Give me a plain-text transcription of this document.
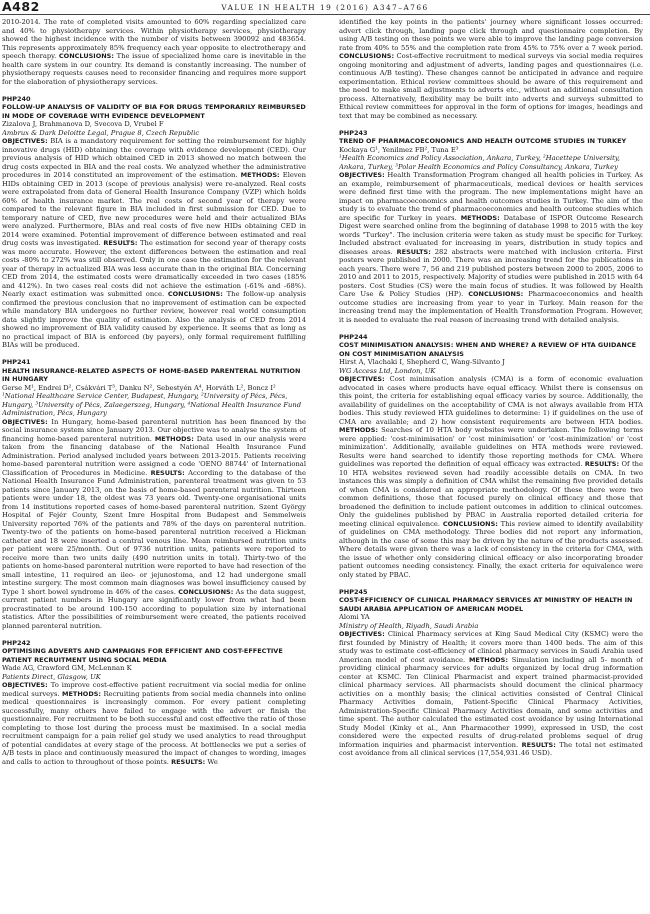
A482	VALUE IN HEALTH 19 (2016) A347–A766

2010-2014. The rate of completed visits amounted to 60% regarding specialized care and 40% to physiotherapy services. Within physiotherapy services, physiotherapy showed the highest incidence with the number of visits between 390092 and 483654. This represents approximately 85% frequency each year opposite to electrotherapy and speech therapy. CONCLUSIONS: The issue of specialized home care is inevitable in the health care system in our country. Its demand is constantly increasing. The number of physiotherapy requests causes need to reconsider financing and requires more support for the elaboration of physiotherapy services.

PHP240

FOLLOW-UP ANALYSIS OF VALIDITY OF BIA FOR DRUGS TEMPORARILY REIMBURSED IN MODE OF COVERAGE WITH EVIDENCE DEVELOPMENT

Zizalova J, Brahmanova D, Svecova D, Vrubel F

Ambrux & Dark Deloitte Legal, Prague 8, Czech Republic

OBJECTIVES: BIA is a mandatory requirement for setting the reimbursement for highly innovative drugs (HID) obtaining the coverage with evidence development (CED). Our previous analysis of HID which obtained CED in 2013 showed no match between the drug costs expected in BIA and the real costs. We analyzed whether the administrative procedures in 2014 constituted an improvement of the estimation. METHODS: Eleven HIDs obtaining CED in 2013 (scope of previous analysis) were re-analyzed. Real costs were extrapolated from data of General Health Insurance Company (VZP) which holds 60% of health insurance market. The real costs of second year of therapy were compared to the relevant figure in BIA included in first submission for CED. Due to temporary nature of CED, five new procedures were held and their actualized BIAs were analyzed. Furthermore, BIAs and real costs of five new HIDs obtaining CED in 2014 were examined. Potential improvement of difference between estimated and real drug costs was investigated. RESULTS: The estimation for second year of therapy costs was more accurate. However, the extent differences between the estimation and real costs -80% to 272% was still observed. Only in one case the estimation for the relevant year of therapy in actualized BIA was less accurate than in the original BIA. Concerning CED from 2014, the estimated costs were dramatically exceeded in two cases (185% and 412%). In two cases real costs did not achieve the estimation (-61% and -68%). Nearly exact estimation was submitted once. CONCLUSIONS: The follow-up analysis confirmed the previous conclusion that no improvement of estimation can be expected while mandatory BIA undergoes no further review, however real world consumption data slightly improve the quality of estimation. Also the analysis of CED from 2014 showed no improvement of BIA validity caused by experience. It seems that as long as no practical impact of BIA is enforced (by payers), only formal requirement fulfilling BIAs will be produced.

PHP241

HEALTH INSURANCE-RELATED ASPECTS OF HOME-BASED PARENTERAL NUTRITION IN HUNGARY

Gerse M¹, Endrei D², Csákvári T³, Danku N², Sebestyén A⁴, Horváth L², Boncz I²

¹National Healthcare Service Center, Budapest, Hungary, ²University of Pécs, Pécs, Hungary, ³University of Pécs, Zalaegerszeg, Hungary, ⁴National Health Insurance Fund Administration, Pécs, Hungary

OBJECTIVES: In Hungary, home-based parenteral nutrition has been financed by the social insurance system since January 2013. Our objective was to analyse the system of financing home-based parenteral nutrition. METHODS: Data used in our analysis were taken from the financing database of the National Health Insurance Fund Administration. Period analysed included years between 2013-2015. Patients receiving home-based parenteral nutrition were assigned a code 'OENO 88744' of International Classification of Procedures in Medicine. RESULTS: According to the database of the National Health Insurance Fund Administration, parenteral treatment was given to 53 patients since January 2013, on the basis of home-based parenteral nutrition. Thirteen patients were under 18, the oldest was 73 years old. Twenty-one organisational units from 14 institutions reported cases of home-based parenteral nutrition. Szent György Hospital of Fejér County, Szent Imre Hospital from Budapest and Semmelweis University reported 76% of the patients and 78% of the days on parenteral nutrition. Twenty-two of the patients on home-based parenteral nutrition received a Hickman catheter and 18 were inserted a central venous line. Mean reimbursed nutrition units per patient were 25/month. Out of 9736 nutrition units, patients were reported to receive more than two units daily (490 nutrition units in total). Thirty-two of the patients on home-based parenteral nutrition were reported to have had resection of the small intestine, 11 required an ileo- or jejunostoma, and 12 had undergone small intestine surgery. The most common main diagnoses was bowel insufficiency caused by Type 1 short bowel syndrome in 46% of the cases. CONCLUSIONS: As the data suggest, current patient numbers in Hungary are significantly lower from what had been procrastinated to be around 100-150 according to population size by international statistics. After the possibilities of reimbursement were created, the patients received planned parenteral nutrition.

PHP242

OPTIMISING ADVERTS AND CAMPAIGNS FOR EFFICIENT AND COST-EFFECTIVE PATIENT RECRUITMENT USING SOCIAL MEDIA

Wade AG, Crawford GM, McLennan K

Patients Direct, Glasgow, UK

OBJECTIVES: To improve cost-effective patient recruitment via social media for online medical surveys. METHODS: Recruiting patients from social media channels into online medical questionnaires is increasingly common. For every patient completing successfully, many others have failed to engage with the advert or finish the questionnaire. For recruitment to be both successful and cost effective the ratio of those completing to those lost during the process must be maximised. In a social media recruitment campaign for a pain relief gel study we used analytics to read throughput of potential candidates at every stage of the process. At bottlenecks we put a series of A/B tests in place and continuously measured the impact of changes to wording, images and calls to action to throughout of those points. RESULTS: We

identified the key points in the patients' journey where significant losses occurred: advert click through, landing page click through and questionnaire completion. By using A/B testing on these points we were able to improve the landing page conversion rate from 40% to 55% and the completion rate from 45% to 75% over a 7 week period. CONCLUSIONS: Cost-effective recruitment to medical surveys via social media requires ongoing monitoring and adjustment of adverts, landing pages and questionnaires (i.e. continuous A/B testing). These changes cannot be anticipated in advance and require experimentation. Ethical review committees should be aware of this requirement and the need to make small adjustments to adverts etc., without an additional consultation process. Alternatively, flexibility may be built into adverts and surveys submitted to Ethical review committees for approval in the form of options for images, headings and text that may be combined as necessary.

PHP243

TREND OF PHARMACOECONOMICS AND HEALTH OUTCOME STUDIES IN TURKEY

Kockaya G¹, Yenilmez FB², Tuna E³

¹Health Economics and Policy Association, Ankara, Turkey, ²Hacettepe University, Ankara, Turkey, ³Polar Health Economics and Policy Consultancy, Ankara, Turkey

OBJECTIVES: Health Transformation Program changed all health policies in Turkey. As an example, reimbursement of pharmaceuticals, medical devices or health services were defined first time with the program. The new implementations might have an impact on pharmacoeconomics and health outcomes studies in Turkey. The aim of the study is to evaluate the trend of pharmacoeconomics and health outcome studies which are specific for Turkey in years. METHODS: Database of ISPOR Outcome Research Digest were searched online from the beginning of database 1998 to 2015 with the key words "Turkey". The inclusion criteria were taken as study must be specific for Turkey. Included abstract evaluated for increasing in years, distribution in study topics and diseases areas. RESULTS: 282 abstracts were matched with inclusion criteria. First posters were published in 2000. There was an increasing trend for the publications in each years. There were 7, 56 and 219 published posters between 2000 to 2005, 2006 to 2010 and 2011 to 2015, respectively. Majority of studies were published in 2015 with 64 posters. Cost Studies (CS) were the main focus of studies. It was followed by Health Care Use & Policy Studies (HP). CONCLUSIONS: Pharmacoeconomics and health outcome studies are increasing from year to year in Turkey. Main reason for the increasing trend may the implementation of Health Transformation Program. However, it is needed to evaluate the real reason of increasing trend with detailed analysis.

PHP244

COST MINIMISATION ANALYSIS: WHEN AND WHERE? A REVIEW OF HTA GUIDANCE ON COST MINIMISATION ANALYSIS

Hirst A, Vlachaki I, Shepherd C, Wang-Silvanto J

WG Access Ltd, London, UK

OBJECTIVES: Cost minimisation analysis (CMA) is a form of economic evaluation advocated in cases where products have equal efficacy. Whilst there is consensus on this point, the criteria for establishing equal efficacy varies by source. Additionally, the availability of guidelines on the acceptability of CMA is not always available from HTA bodies. This study reviewed HTA guidelines to determine: 1) if guidelines on the use of CMA are available; and 2) how consistent requirements are between HTA bodies. METHODS: Searches of 10 HTA body websites were undertaken. The following terms were applied: 'cost-minimisation' or 'cost minimisation' or 'cost-minimization' or 'cost minimization'. Additionally, available guidelines on HTA methods were reviewed. Results were hand searched to identify those reporting methods for CMA. Where guidelines was reported the definition of equal efficacy was extracted. RESULTS: Of the 10 HTA websites reviewed seven had readily accessible details on CMA. In two instances this was simply a definition of CMA whilst the remaining five provided details of when CMA is considered an appropriate methodology. Of these there were two common definitions, those that focused purely on clinical efficacy and those that broadened the definition to include patient outcomes in addition to clinical outcomes. Only the guidelines published by PBAC in Australia reported detailed criteria for meeting clinical equivalence. CONCLUSIONS: This review aimed to identify availability of guidelines on CMA methodology. Three bodies did not report any information, although in the case of some this may be driven by the nature of the products assessed. Where details were given there was a lack of consistency in the criteria for CMA, with the issue of whether only considering clinical efficacy or also incorporating broader patient outcomes needing consistency. Finally, the exact criteria for equivalence were only stated by PBAC.

PHP245

COST-EFFICIENCY OF CLINICAL PHARMACY SERVICES AT MINISTRY OF HEALTH IN SAUDI ARABIA APPLICATION OF AMERICAN MODEL

Alomi YA

Ministry of Health, Riyadh, Saudi Arabia

OBJECTIVES: Clinical Pharmacy services at King Saud Medical City (KSMC) were the first founded by Ministry of Health; it covers more than 1400 beds. The aim of this study was to estimate cost-efficiency of clinical pharmacy services in Saudi Arabia used American model of cost avoidance. METHODS: Simulation including all 5- month of providing clinical pharmacy services for adults organized by local drug information center at KSMC. Ten Clinical Pharmacist and expert trained pharmacist-provided clinical pharmacy services. All pharmacists should document the clinical pharmacy activities on a monthly basis; the clinical activities consisted of Central Clinical Pharmacy Activities domain, Patient-Specific Clinical Pharmacy Activities, Administration-Specific Clinical Pharmacy Activities domain, and some activities and time spent. The author calculated the estimated cost avoidance by using International Study Model (Kinky et al., Ann Pharmacother 1999), expressed in USD, the cost considered were the expected results of drug-related problems sequel of drug information inquiries and pharmacist intervention. RESULTS: The total net estimated cost avoidance from all clinical services (17,554,931.46 USD).
